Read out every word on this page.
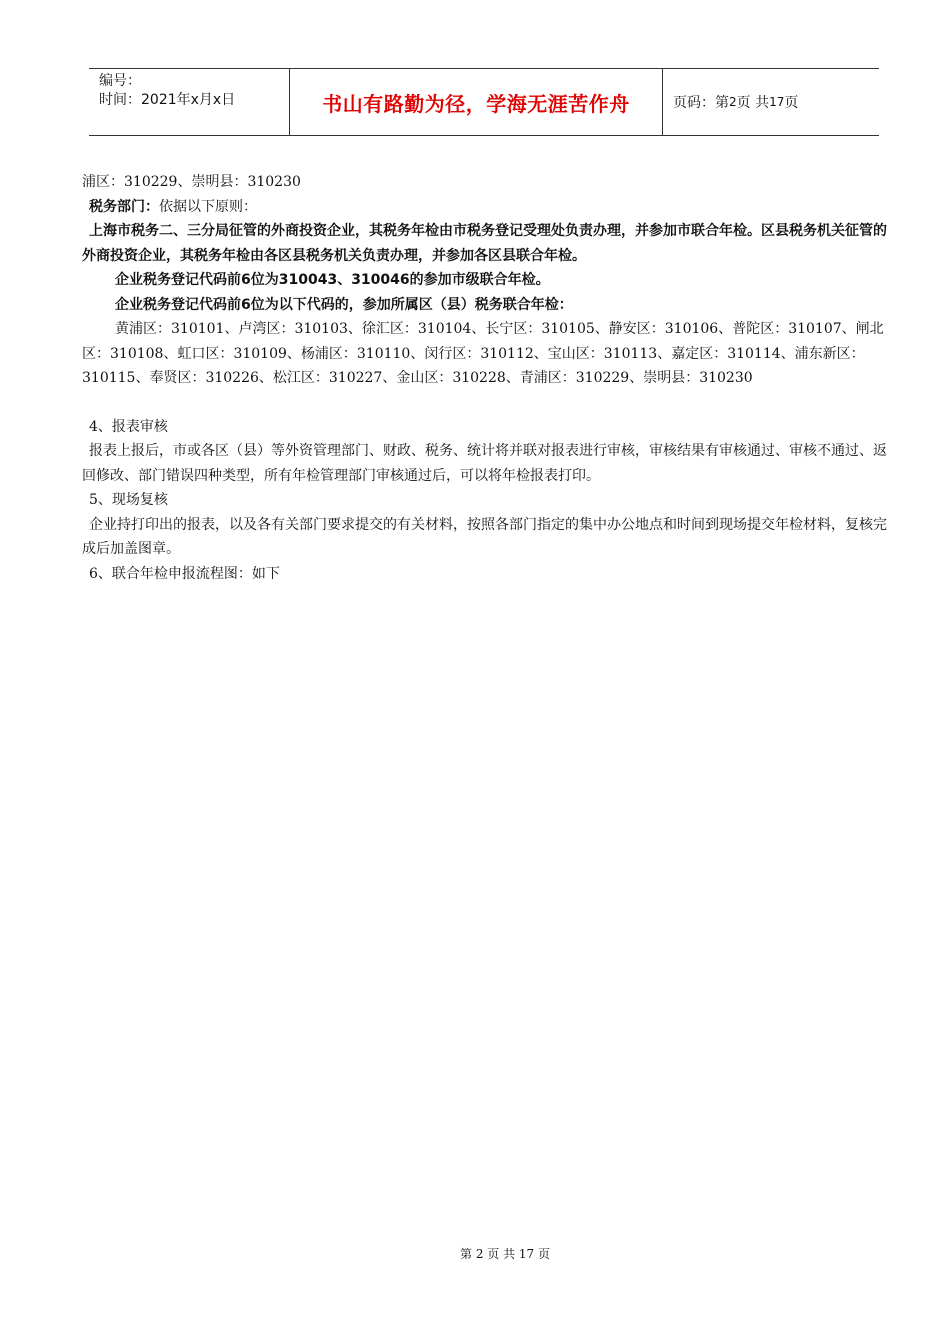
编号：
时间：2021年x月x日	书山有路勤为径，学海无涯苦作舟	页码：第 2 页 共 17 页

浦区：310229、崇明县：310230

税务部门：依据以下原则：

上海市税务二、三分局征管的外商投资企业，其税务年检由市税务登记受理处负责办理，并参加市联合年检。区县税务机关征管的外商投资企业，其税务年检由各区县税务机关负责办理，并参加各区县联合年检。

企业税务登记代码前6位为310043、310046的参加市级联合年检。

企业税务登记代码前6位为以下代码的，参加所属区（县）税务联合年检：

黄浦区：310101、卢湾区：310103、徐汇区：310104、长宁区：310105、静安区：310106、普陀区：310107、闸北区：310108、虹口区：310109、杨浦区：310110、闵行区：310112、宝山区：310113、嘉定区：310114、浦东新区：310115、奉贤区：310226、松江区：310227、金山区：310228、青浦区：310229、崇明县：310230

4、报表审核

报表上报后，市或各区（县）等外资管理部门、财政、税务、统计将并联对报表进行审核，审核结果有审核通过、审核不通过、返回修改、部门错误四种类型，所有年检管理部门审核通过后，可以将年检报表打印。

5、现场复核

企业持打印出的报表，以及各有关部门要求提交的有关材料，按照各部门指定的集中办公地点和时间到现场提交年检材料，复核完成后加盖图章。

6、联合年检申报流程图：如下

第 2 页 共 17 页
